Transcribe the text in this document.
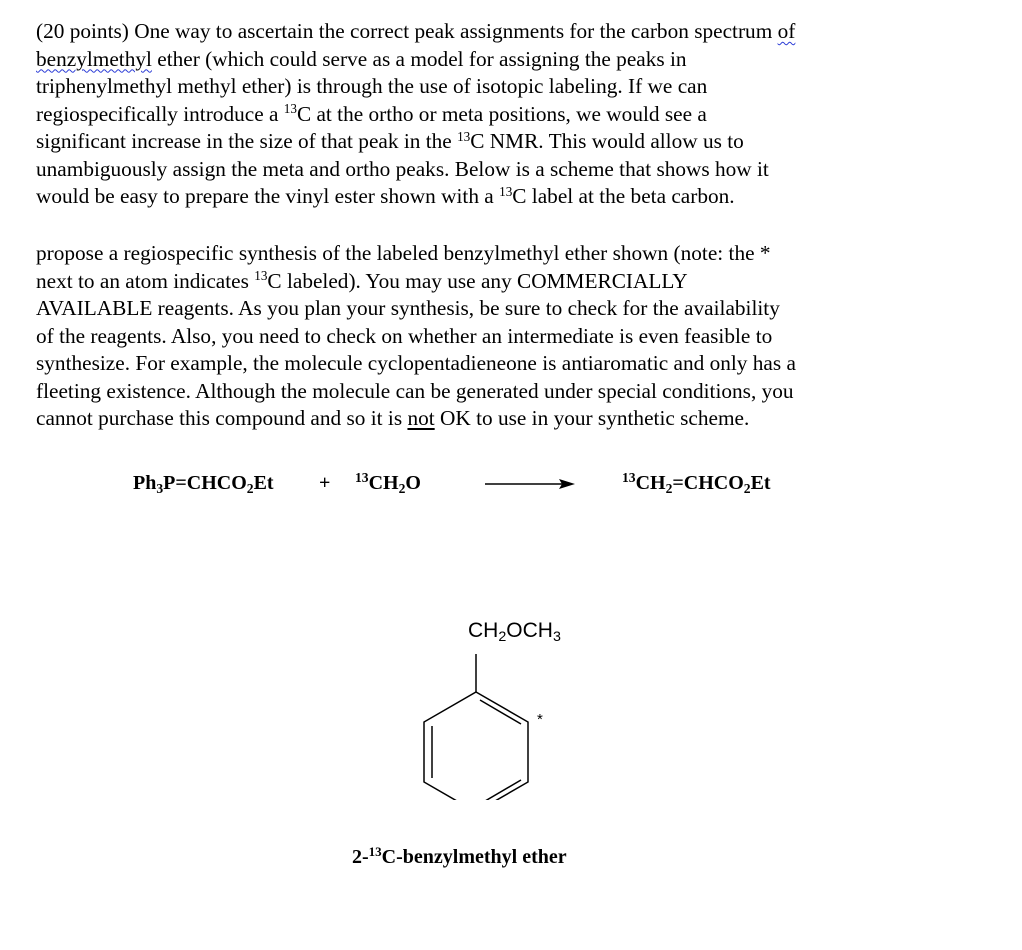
(20 points) One way to ascertain the correct peak assignments for the carbon spectrum of
benzylmethyl ether (which could serve as a model for assigning the peaks in
triphenylmethyl methyl ether) is through the use of isotopic labeling. If we can
regiospecifically introduce a $^{13}$C at the ortho or meta positions, we would see a
significant increase in the size of that peak in the $^{13}$C NMR. This would allow us to
unambiguously assign the meta and ortho peaks. Below is a scheme that shows how it
would be easy to prepare the vinyl ester shown with a $^{13}$C label at the beta carbon.
propose a regiospecific synthesis of the labeled benzylmethyl ether shown (note: the *
next to an atom indicates $^{13}$C labeled). You may use any COMMERCIALLY
AVAILABLE reagents. As you plan your synthesis, be sure to check for the availability
of the reagents. Also, you need to check on whether an intermediate is even feasible to
synthesize. For example, the molecule cyclopentadieneone is antiaromatic and only has a
fleeting existence. Although the molecule can be generated under special conditions, you
cannot purchase this compound and so it is not OK to use in your synthetic scheme.
$Ph_3P=CHCO_2Et + ^{13}CH_2O$	$^{13}CH_2=CHCO_2Et$
$CH_2OCH_3$
*
2-$^{13}$C-benzylmethyl ether
